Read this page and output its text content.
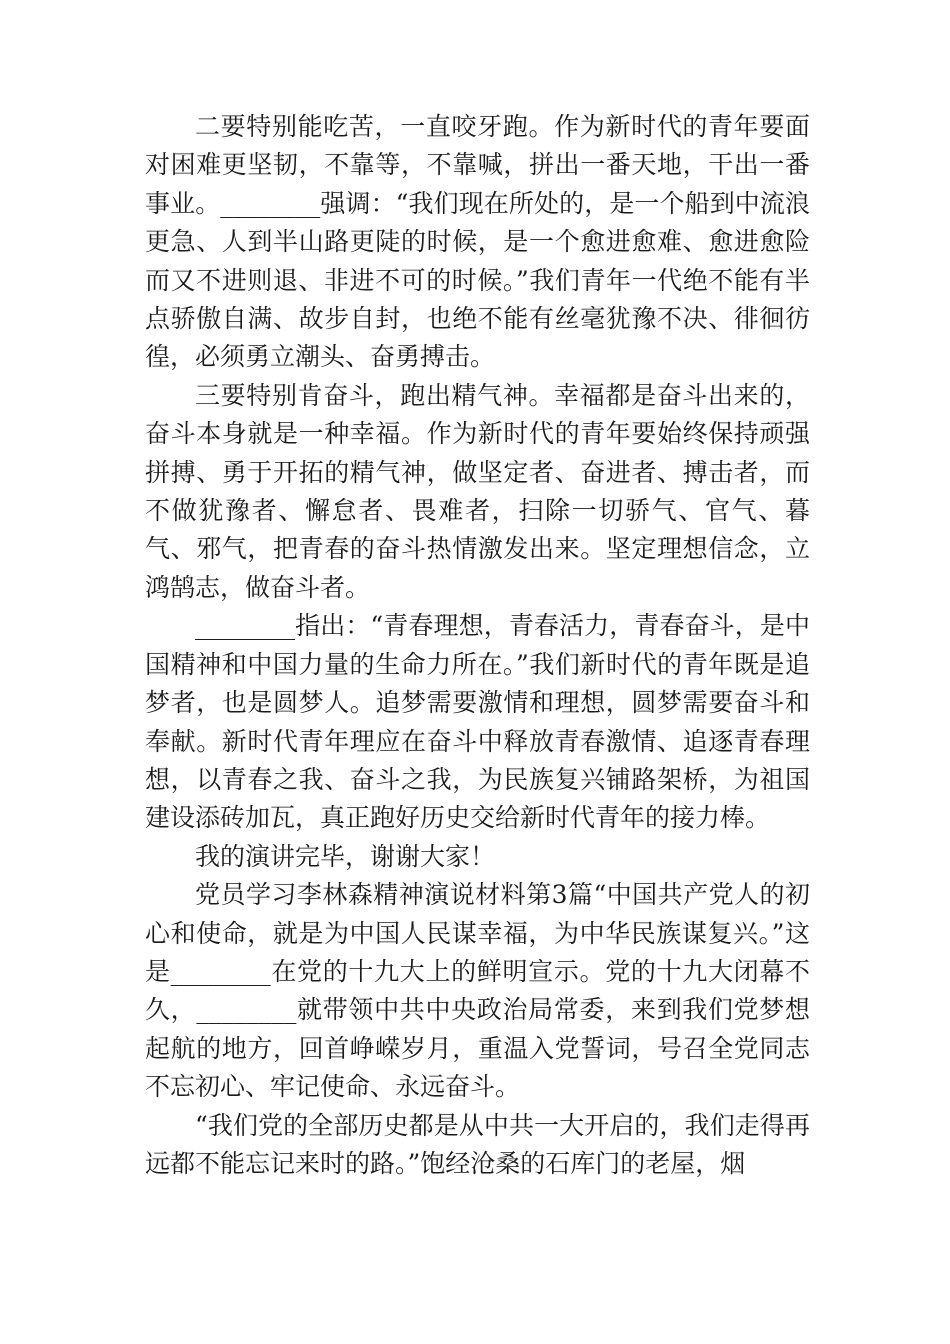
二要特别能吃苦，一直咬牙跑。作为新时代的青年要面对困难更坚韧，不靠等，不靠喊，拼出一番天地，干出一番事业。________强调：“我们现在所处的，是一个船到中流浪更急、人到半山路更陡的时候，是一个愈进愈难、愈进愈险而又不进则退、非进不可的时候。”我们青年一代绝不能有半点骄傲自满、故步自封，也绝不能有丝毫犹豫不决、徘徊彷徨，必须勇立潮头、奋勇搏击。

三要特别肯奋斗，跑出精气神。幸福都是奋斗出来的，奋斗本身就是一种幸福。作为新时代的青年要始终保持顽强拼搏、勇于开拓的精气神，做坚定者、奋进者、搏击者，而不做犹豫者、懈怠者、畏难者，扫除一切骄气、官气、暮气、邪气，把青春的奋斗热情激发出来。坚定理想信念，立鸿鹄志，做奋斗者。

________指出：“青春理想，青春活力，青春奋斗，是中国精神和中国力量的生命力所在。”我们新时代的青年既是追梦者，也是圆梦人。追梦需要激情和理想，圆梦需要奋斗和奉献。新时代青年理应在奋斗中释放青春激情、追逐青春理想，以青春之我、奋斗之我，为民族复兴铺路架桥，为祖国建设添砖加瓦，真正跑好历史交给新时代青年的接力棒。

我的演讲完毕，谢谢大家！

党员学习李林森精神演说材料第3篇“中国共产党人的初心和使命，就是为中国人民谋幸福，为中华民族谋复兴。”这是________在党的十九大上的鲜明宣示。党的十九大闭幕不久，________就带领中共中央政治局常委，来到我们党梦想起航的地方，回首峥嵘岁月，重温入党誓词，号召全党同志不忘初心、牢记使命、永远奋斗。

“我们党的全部历史都是从中共一大开启的，我们走得再远都不能忘记来时的路。”饱经沧桑的石库门的老屋，烟
